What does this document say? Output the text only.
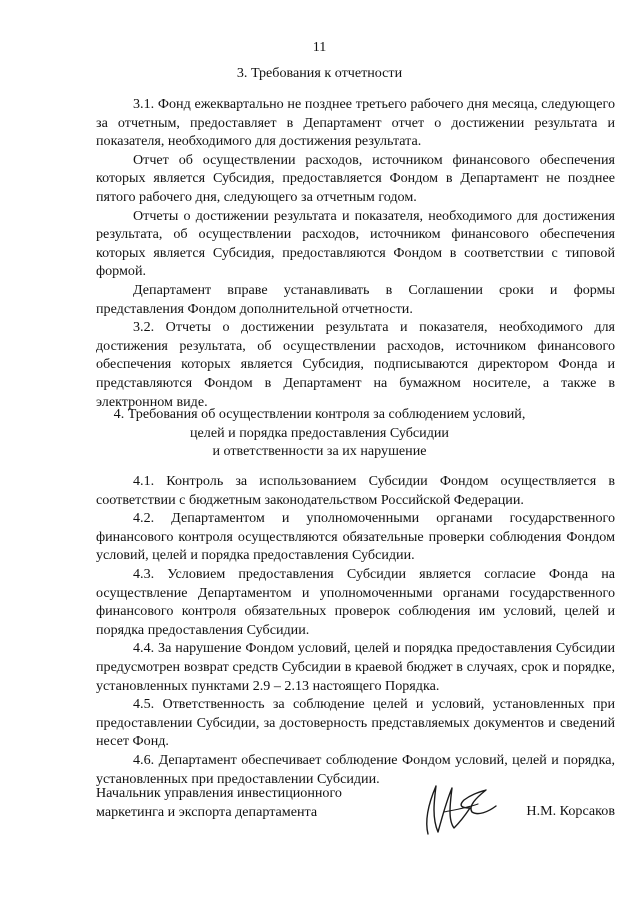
11
3. Требования к отчетности

3.1. Фонд ежеквартально не позднее третьего рабочего дня месяца, следующего за отчетным, предоставляет в Департамент отчет о достижении результата и показателя, необходимого для достижения результата.

Отчет об осуществлении расходов, источником финансового обеспечения которых является Субсидия, предоставляется Фондом в Департамент не позднее пятого рабочего дня, следующего за отчетным годом.

Отчеты о достижении результата и показателя, необходимого для достижения результата, об осуществлении расходов, источником финансового обеспечения которых является Субсидия, предоставляются Фондом в соответствии с типовой формой.

Департамент вправе устанавливать в Соглашении сроки и формы представления Фондом дополнительной отчетности.

3.2. Отчеты о достижении результата и показателя, необходимого для достижения результата, об осуществлении расходов, источником финансового обеспечения которых является Субсидия, подписываются директором Фонда и представляются Фондом в Департамент на бумажном носителе, а также в электронном виде.

4. Требования об осуществлении контроля за соблюдением условий,
целей и порядка предоставления Субсидии
и ответственности за их нарушение

4.1. Контроль за использованием Субсидии Фондом осуществляется в соответствии с бюджетным законодательством Российской Федерации.

4.2. Департаментом и уполномоченными органами государственного финансового контроля осуществляются обязательные проверки соблюдения Фондом условий, целей и порядка предоставления Субсидии.

4.3. Условием предоставления Субсидии является согласие Фонда на осуществление Департаментом и уполномоченными органами государственного финансового контроля обязательных проверок соблюдения им условий, целей и порядка предоставления Субсидии.

4.4. За нарушение Фондом условий, целей и порядка предоставления Субсидии предусмотрен возврат средств Субсидии в краевой бюджет в случаях, срок и порядке, установленных пунктами 2.9 – 2.13 настоящего Порядка.

4.5. Ответственность за соблюдение целей и условий, установленных при предоставлении Субсидии, за достоверность представляемых документов и сведений несет Фонд.

4.6. Департамент обеспечивает соблюдение Фондом условий, целей и порядка, установленных при предоставлении Субсидии.

Начальник управления инвестиционного
маркетинга и экспорта департамента	Н.М. Корсаков
